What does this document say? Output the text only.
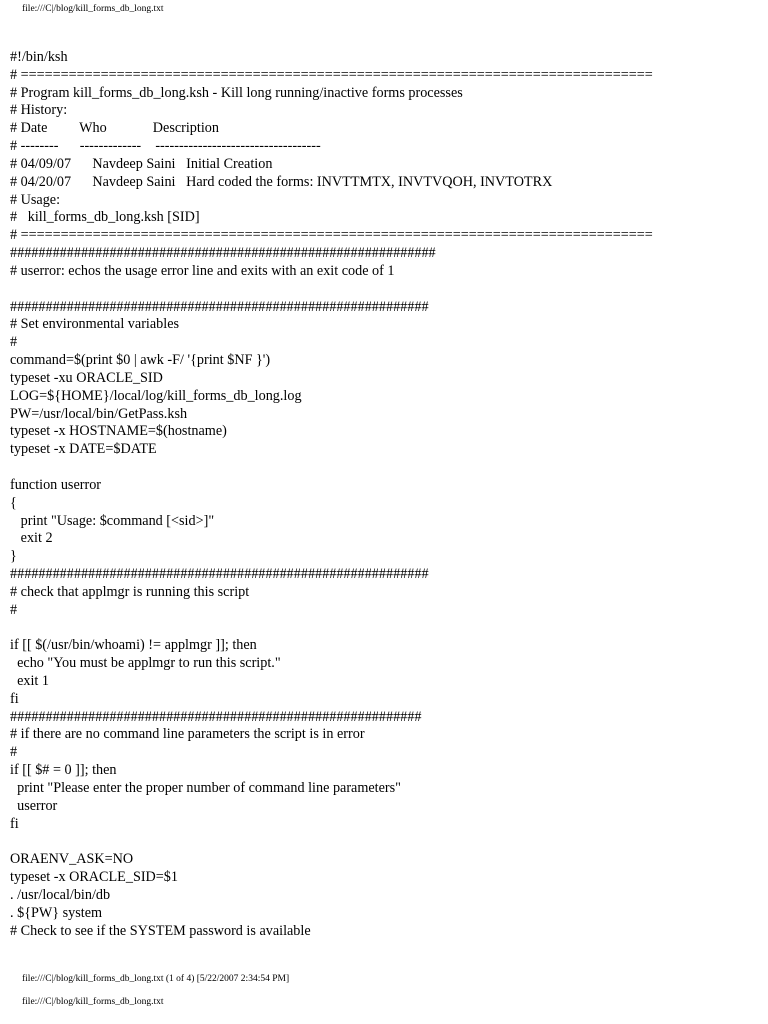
file:///C|/blog/kill_forms_db_long.txt
#!/bin/ksh
# ===============================================================================
# Program kill_forms_db_long.ksh - Kill long running/inactive forms processes
# History:
# Date         Who             Description
# --------      -------------    -----------------------------------
# 04/09/07      Navdeep Saini   Initial Creation
# 04/20/07      Navdeep Saini   Hard coded the forms: INVTTMTX, INVTVQOH, INVTOTRX
# Usage:
#   kill_forms_db_long.ksh [SID]
# ===============================================================================
############################################################
# userror: echos the usage error line and exits with an exit code of 1
###########################################################
# Set environmental variables
#
command=$(print $0 | awk -F/ '{print $NF }')
typeset -xu ORACLE_SID
LOG=${HOME}/local/log/kill_forms_db_long.log
PW=/usr/local/bin/GetPass.ksh
typeset -x HOSTNAME=$(hostname)
typeset -x DATE=$DATE
function userror
{
print "Usage: $command [<sid>]"
exit 2
}
###########################################################
# check that applmgr is running this script
#
if [[ $(/usr/bin/whoami) != applmgr ]]; then
echo "You must be applmgr to run this script."
exit 1
fi
##########################################################
# if there are no command line parameters the script is in error
#
if [[ $# = 0 ]]; then
print "Please enter the proper number of command line parameters"
userror
fi
ORAENV_ASK=NO
typeset -x ORACLE_SID=$1
. /usr/local/bin/db
. ${PW} system
# Check to see if the SYSTEM password is available
file:///C|/blog/kill_forms_db_long.txt (1 of 4) [5/22/2007 2:34:54 PM]
file:///C|/blog/kill_forms_db_long.txt
